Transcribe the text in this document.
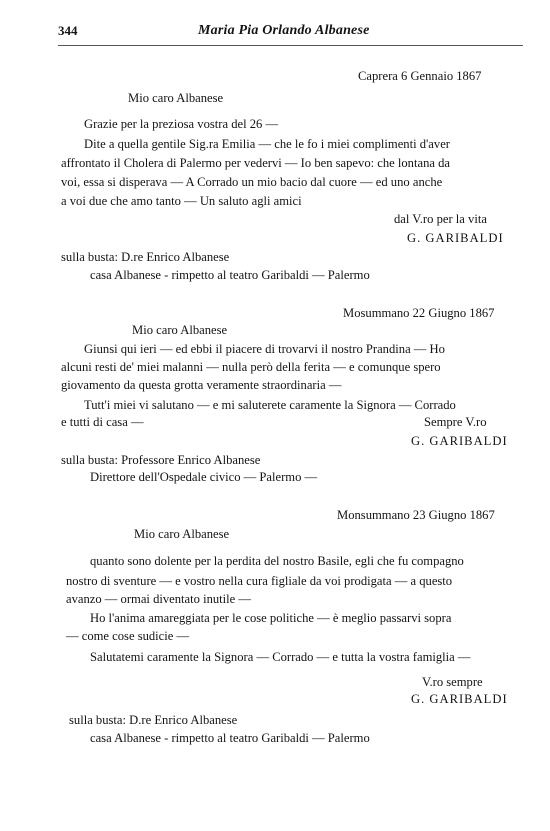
344	Maria Pia Orlando Albanese
Caprera 6 Gennaio 1867
Mio caro Albanese
Grazie per la preziosa vostra del 26 —
Dite a quella gentile Sig.ra Emilia — che le fo i miei complimenti d'aver
affrontato il Cholera di Palermo per vedervi — Io ben sapevo: che lontana da
voi, essa si disperava — A Corrado un mio bacio dal cuore — ed uno anche
a voi due che amo tanto — Un saluto agli amici
dal V.ro per la vita
G. GARIBALDI
sulla busta: D.re Enrico Albanese
casa Albanese - rimpetto al teatro Garibaldi — Palermo
Mosummano 22 Giugno 1867
Mio caro Albanese
Giunsi qui ieri — ed ebbi il piacere di trovarvi il nostro Prandina — Ho
alcuni resti de' miei malanni — nulla però della ferita — e comunque spero
giovamento da questa grotta veramente straordinaria —
Tutt'i miei vi salutano — e mi saluterete caramente la Signora — Corrado
e tutti di casa —	Sempre V.ro
G. GARIBALDI
sulla busta: Professore Enrico Albanese
Direttore dell'Ospedale civico — Palermo —
Monsummano 23 Giugno 1867
Mio caro Albanese
quanto sono dolente per la perdita del nostro Basile, egli che fu compagno
nostro di sventure — e vostro nella cura figliale da voi prodigata — a questo
avanzo — ormai diventato inutile —
Ho l'anima amareggiata per le cose politiche — è meglio passarvi sopra
— come cose sudicie —
Salutatemi caramente la Signora — Corrado — e tutta la vostra famiglia —
V.ro sempre
G. GARIBALDI
sulla busta: D.re Enrico Albanese
casa Albanese - rimpetto al teatro Garibaldi — Palermo
